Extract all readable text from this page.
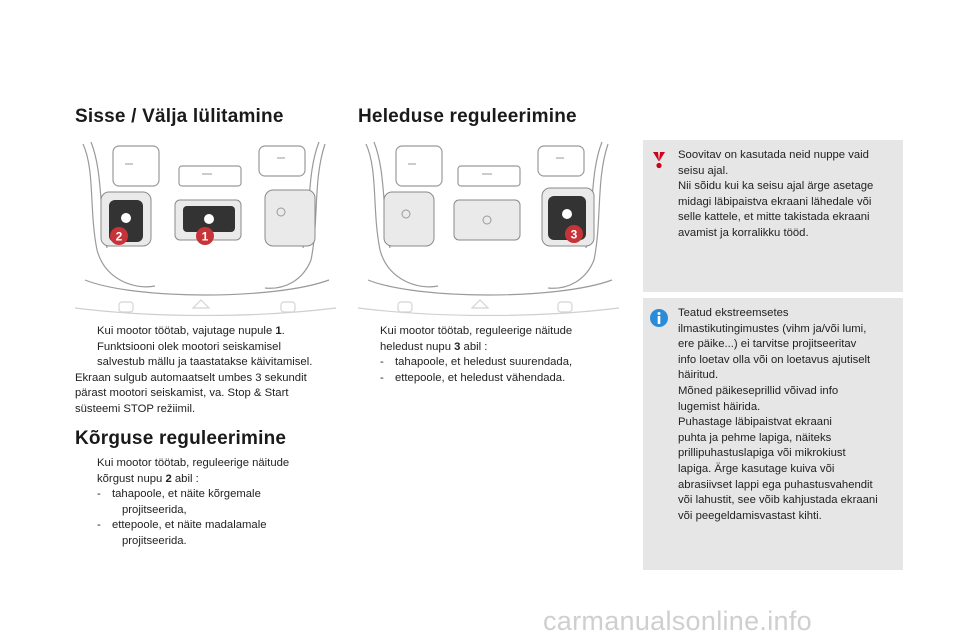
Sisse / Välja lülitamine
2	1
Kui mootor töötab, vajutage nupule 1.
Funktsiooni olek mootori seiskamisel
salvestub mällu ja taastatakse käivitamisel.
Ekraan sulgub automaatselt umbes 3 sekundit
pärast mootori seiskamist, va. Stop & Start
süsteemi STOP režiimil.
Kõrguse reguleerimine
Kui mootor töötab, reguleerige näitude
kõrgust nupu 2 abil :
- tahapoole, et näite kõrgemale
projitseerida,
- ettepoole, et näite madalamale
projitseerida.
Heleduse reguleerimine
3
Kui mootor töötab, reguleerige näitude
heledust nupu 3 abil :
- tahapoole, et heledust suurendada,
- ettepoole, et heledust vähendada.
Soovitav on kasutada neid nuppe vaid
seisu ajal.
Nii sõidu kui ka seisu ajal ärge asetage
midagi läbipaistva ekraani lähedale või
selle kattele, et mitte takistada ekraani
avamist ja korralikku tööd.
Teatud ekstreemsetes
ilmastikutingimustes (vihm ja/või lumi,
ere päike...) ei tarvitse projitseeritav
info loetav olla või on loetavus ajutiselt
häiritud.
Mõned päikeseprillid võivad info
lugemist häirida.
Puhastage läbipaistvat ekraani
puhta ja pehme lapiga, näiteks
prillipuhastuslapiga või mikrokiust
lapiga. Ärge kasutage kuiva või
abrasiivset lappi ega puhastusvahendit
või lahustit, see võib kahjustada ekraani
või peegeldamisvastast kihti.
carmanualsonline.info
